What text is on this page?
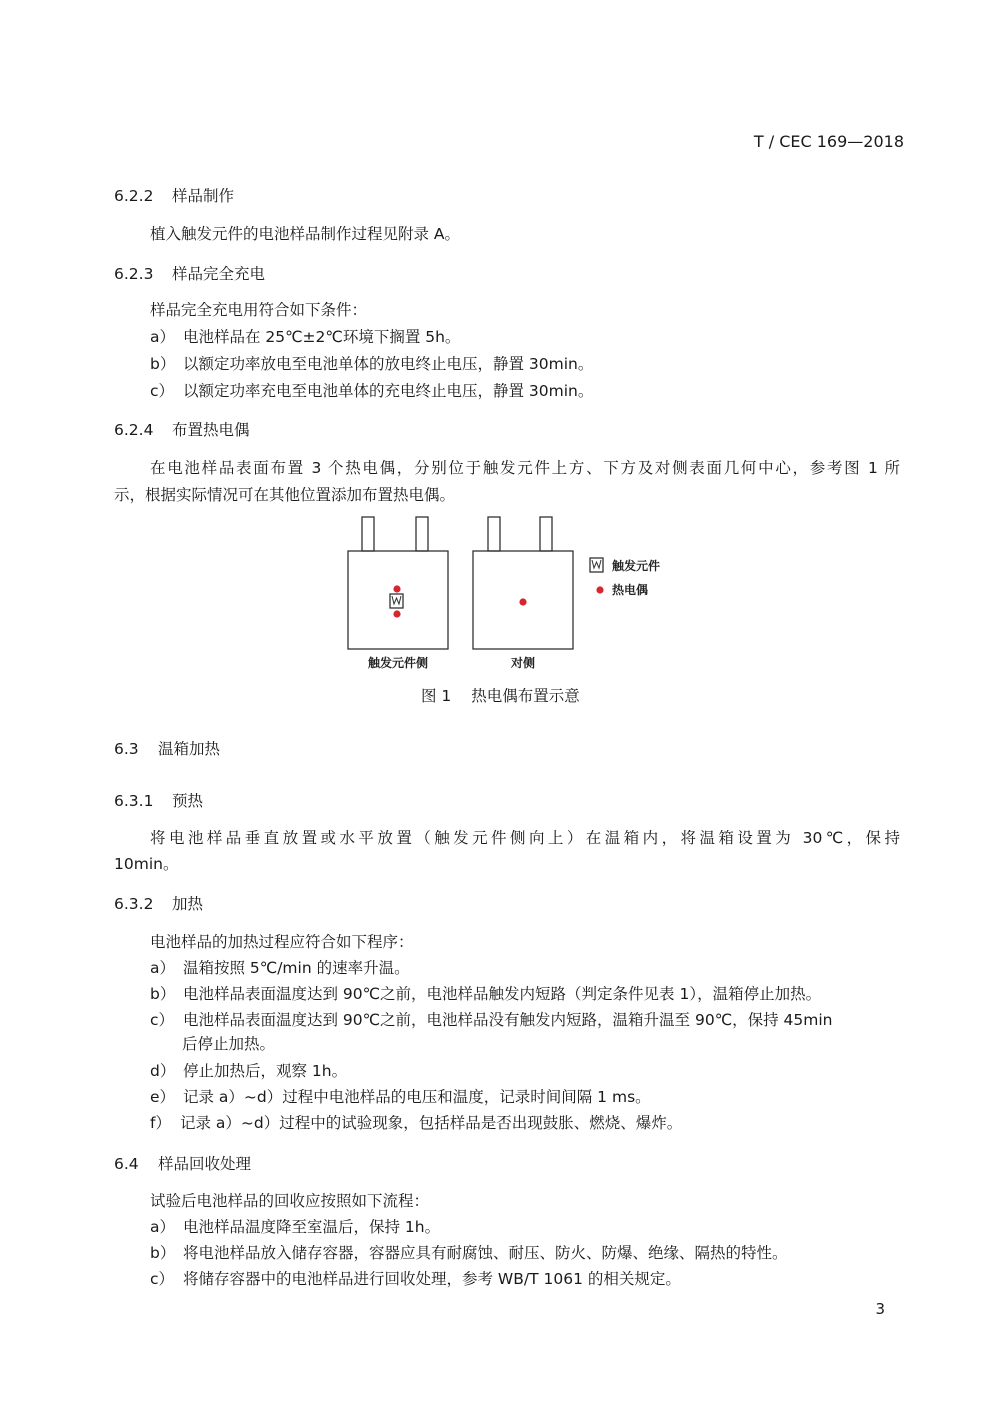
T / CEC 169—2018
6.2.2 样品制作
植入触发元件的电池样品制作过程见附录 A。
6.2.3 样品完全充电
样品完全充电用符合如下条件：
a） 电池样品在 25℃±2℃环境下搁置 5h。
b） 以额定功率放电至电池单体的放电终止电压，静置 30min。
c） 以额定功率充电至电池单体的充电终止电压，静置 30min。
6.2.4 布置热电偶
在电池样品表面布置 3 个热电偶，分别位于触发元件上方、下方及对侧表面几何中心，参考图 1 所
示，根据实际情况可在其他位置添加布置热电偶。
触发元件
热电偶
触发元件侧	对侧
图 1 热电偶布置示意
6.3 温箱加热
6.3.1 预热
将电池样品垂直放置或水平放置（触发元件侧向上）在温箱内，将温箱设置为 30℃，保持
10min。
6.3.2 加热
电池样品的加热过程应符合如下程序：
a） 温箱按照 5℃/min 的速率升温。
b） 电池样品表面温度达到 90℃之前，电池样品触发内短路（判定条件见表 1），温箱停止加热。
c） 电池样品表面温度达到 90℃之前，电池样品没有触发内短路，温箱升温至 90℃，保持 45min
后停止加热。
d） 停止加热后，观察 1h。
e） 记录 a）~d）过程中电池样品的电压和温度，记录时间间隔 1 ms。
f） 记录 a）~d）过程中的试验现象，包括样品是否出现鼓胀、燃烧、爆炸。
6.4 样品回收处理
试验后电池样品的回收应按照如下流程：
a） 电池样品温度降至室温后，保持 1h。
b） 将电池样品放入储存容器，容器应具有耐腐蚀、耐压、防火、防爆、绝缘、隔热的特性。
c） 将储存容器中的电池样品进行回收处理，参考 WB/T 1061 的相关规定。
3
